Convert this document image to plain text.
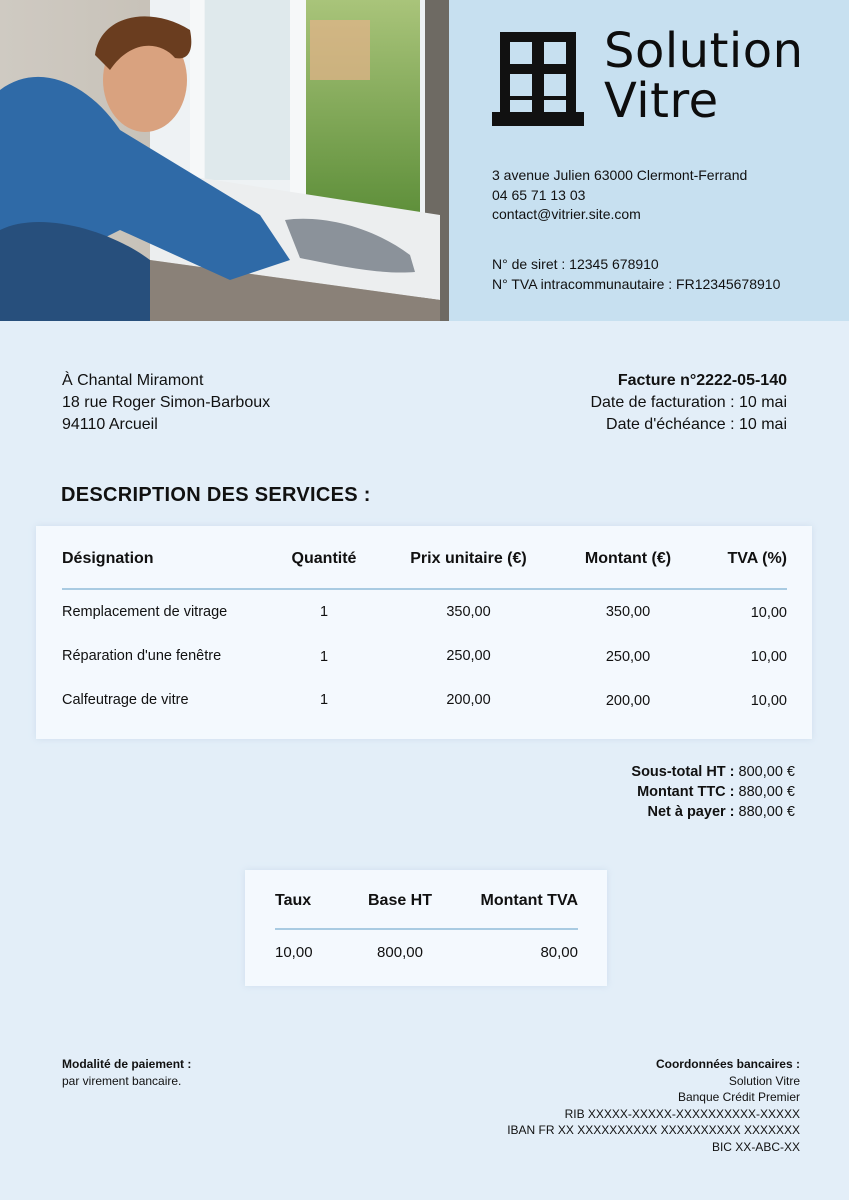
Solution
Vitre
3 avenue Julien 63000 Clermont-Ferrand
04 65 71 13 03
contact@vitrier.site.com
N° de siret : 12345 678910
N° TVA intracommunautaire : FR12345678910
À Chantal Miramont
18 rue Roger Simon-Barboux
94110 Arcueil
Facture n°2222-05-140
Date de facturation : 10 mai
Date d'échéance : 10 mai
DESCRIPTION DES SERVICES :
Désignation	Quantité	Prix unitaire (€)	Montant (€)	TVA (%)
Remplacement de vitrage	1	350,00	350,00	10,00
Réparation d'une fenêtre	1	250,00	250,00	10,00
Calfeutrage de vitre	1	200,00	200,00	10,00
Sous-total HT : 800,00 €
Montant TTC : 880,00 €
Net à payer : 880,00 €
Taux	Base HT	Montant TVA
10,00	800,00	80,00
Modalité de paiement :
par virement bancaire.
Coordonnées bancaires :
Solution Vitre
Banque Crédit Premier
RIB XXXXX-XXXXX-XXXXXXXXXX-XXXXX
IBAN FR XX XXXXXXXXXX XXXXXXXXXX XXXXXXX
BIC XX-ABC-XX
